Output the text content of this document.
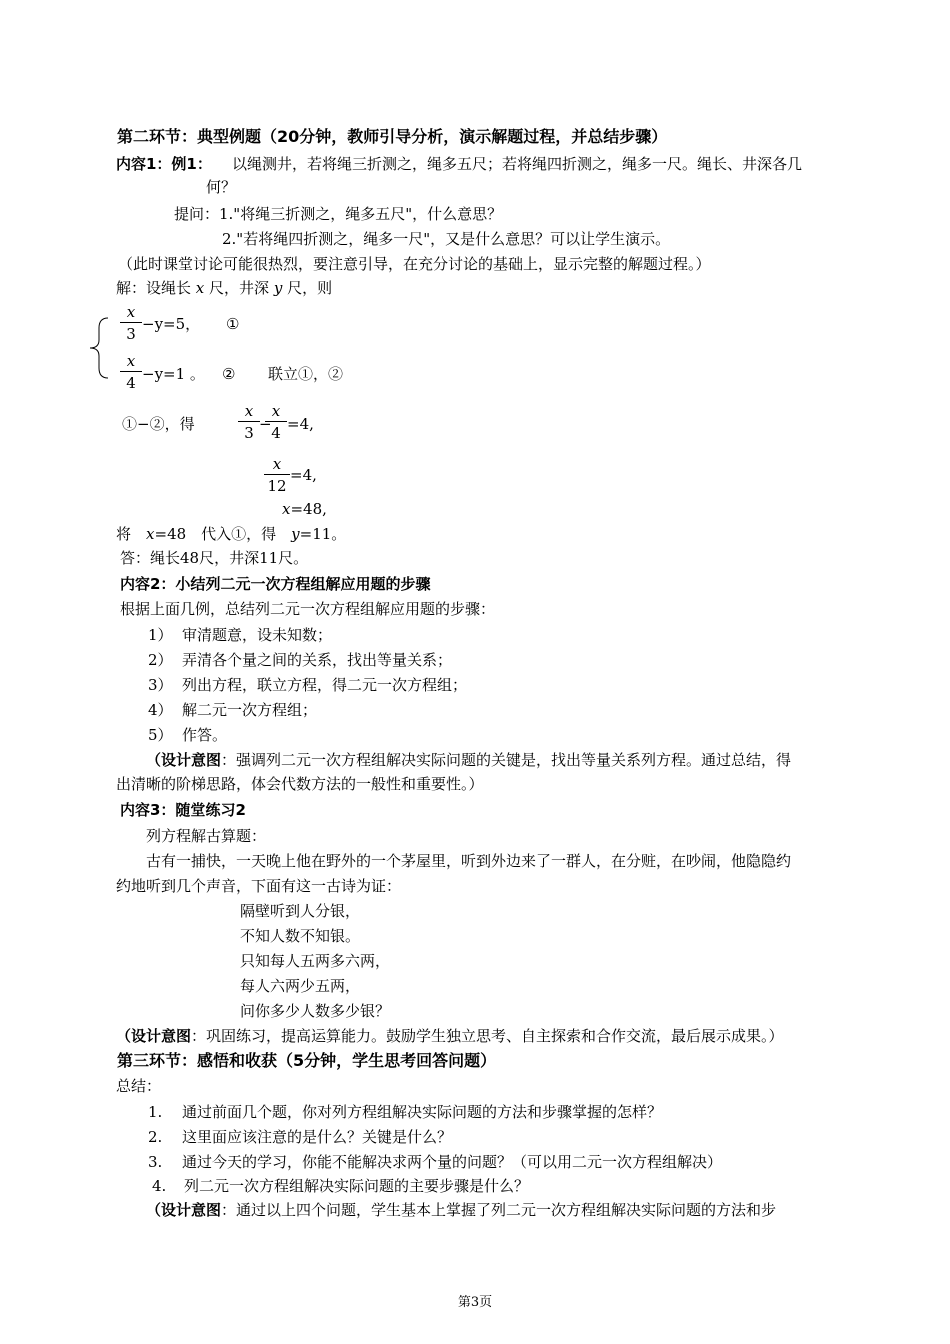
第二环节：典型例题（20分钟，教师引导分析，演示解题过程，并总结步骤）
内容1：例1： 以绳测井，若将绳三折测之，绳多五尺；若将绳四折测之，绳多一尺。绳长、井深各几
何？
提问：1."将绳三折测之，绳多五尺"，什么意思？
2."若将绳四折测之，绳多一尺"，又是什么意思？可以让学生演示。
（此时课堂讨论可能很热烈，要注意引导，在充分讨论的基础上，显示完整的解题过程。）
解：设绳长 x 尺，井深 y 尺，则
x
3
−y=5， ①
x
4 −y=1 。 ② 联立①，②
①−②，得
x
3 −
x
4 =4,
x
12
=4,
x=48,
将　 x=48　代入①，得　 y=11。
答：绳长48尺，井深11尺。
内容2：小结列二元一次方程组解应用题的步骤
根据上面几例，总结列二元一次方程组解应用题的步骤：
1） 审清题意，设未知数；
2） 弄清各个量之间的关系，找出等量关系；
3） 列出方程，联立方程，得二元一次方程组；
4） 解二元一次方程组；
5） 作答。
（设计意图：强调列二元一次方程组解决实际问题的关键是，找出等量关系列方程。通过总结，得
出清晰的阶梯思路，体会代数方法的一般性和重要性。）
内容3：随堂练习2
列方程解古算题：
古有一捕快，一天晚上他在野外的一个茅屋里，听到外边来了一群人，在分赃，在吵闹，他隐隐约
约地听到几个声音，下面有这一古诗为证：
隔壁听到人分银，
不知人数不知银。
只知每人五两多六两，
每人六两少五两，
问你多少人数多少银？
（设计意图：巩固练习，提高运算能力。鼓励学生独立思考、自主探索和合作交流，最后展示成果。）
第三环节：感悟和收获（5分钟，学生思考回答问题）
总结：
1. 通过前面几个题，你对列方程组解决实际问题的方法和步骤掌握的怎样？
2. 这里面应该注意的是什么？关键是什么？
3. 通过今天的学习，你能不能解决求两个量的问题？（可以用二元一次方程组解决）
4. 列二元一次方程组解决实际问题的主要步骤是什么？
（设计意图：通过以上四个问题，学生基本上掌握了列二元一次方程组解决实际问题的方法和步
第3页
